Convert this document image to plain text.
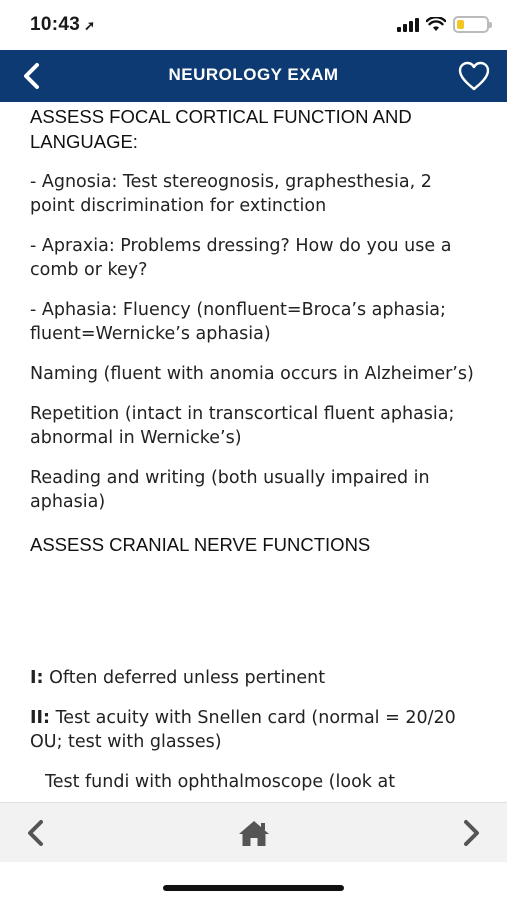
10:43 ➚
NEUROLOGY EXAM
ASSESS FOCAL CORTICAL FUNCTION AND LANGUAGE:
- Agnosia: Test stereognosis, graphesthesia, 2 point discrimination for extinction
- Apraxia: Problems dressing? How do you use a comb or key?
- Aphasia: Fluency (nonfluent=Broca’s aphasia; fluent=Wernicke’s aphasia)
Naming (fluent with anomia occurs in Alzheimer’s)
Repetition (intact in transcortical fluent aphasia; abnormal in Wernicke’s)
Reading and writing (both usually impaired in aphasia)
ASSESS CRANIAL NERVE FUNCTIONS
I: Often deferred unless pertinent
II: Test acuity with Snellen card (normal = 20/20 OU; test with glasses)
Test fundi with ophthalmoscope (look at
